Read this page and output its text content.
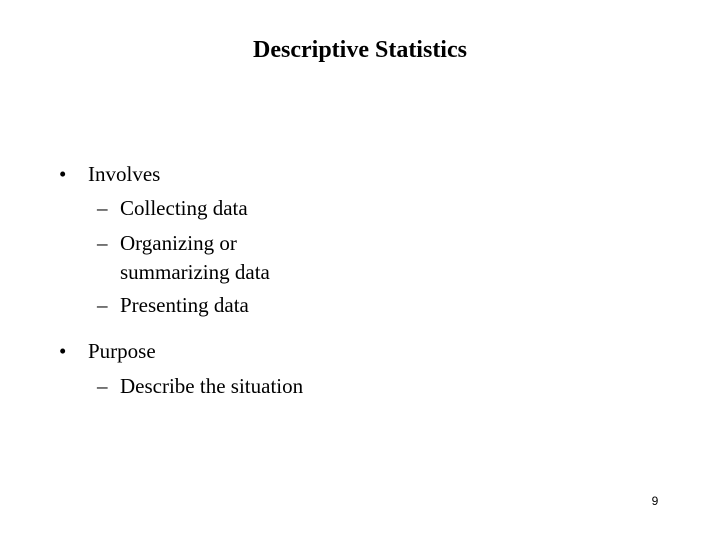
Descriptive Statistics
• Involves
– Collecting data
– Organizing or
summarizing data
– Presenting data
• Purpose
– Describe the situation
9
